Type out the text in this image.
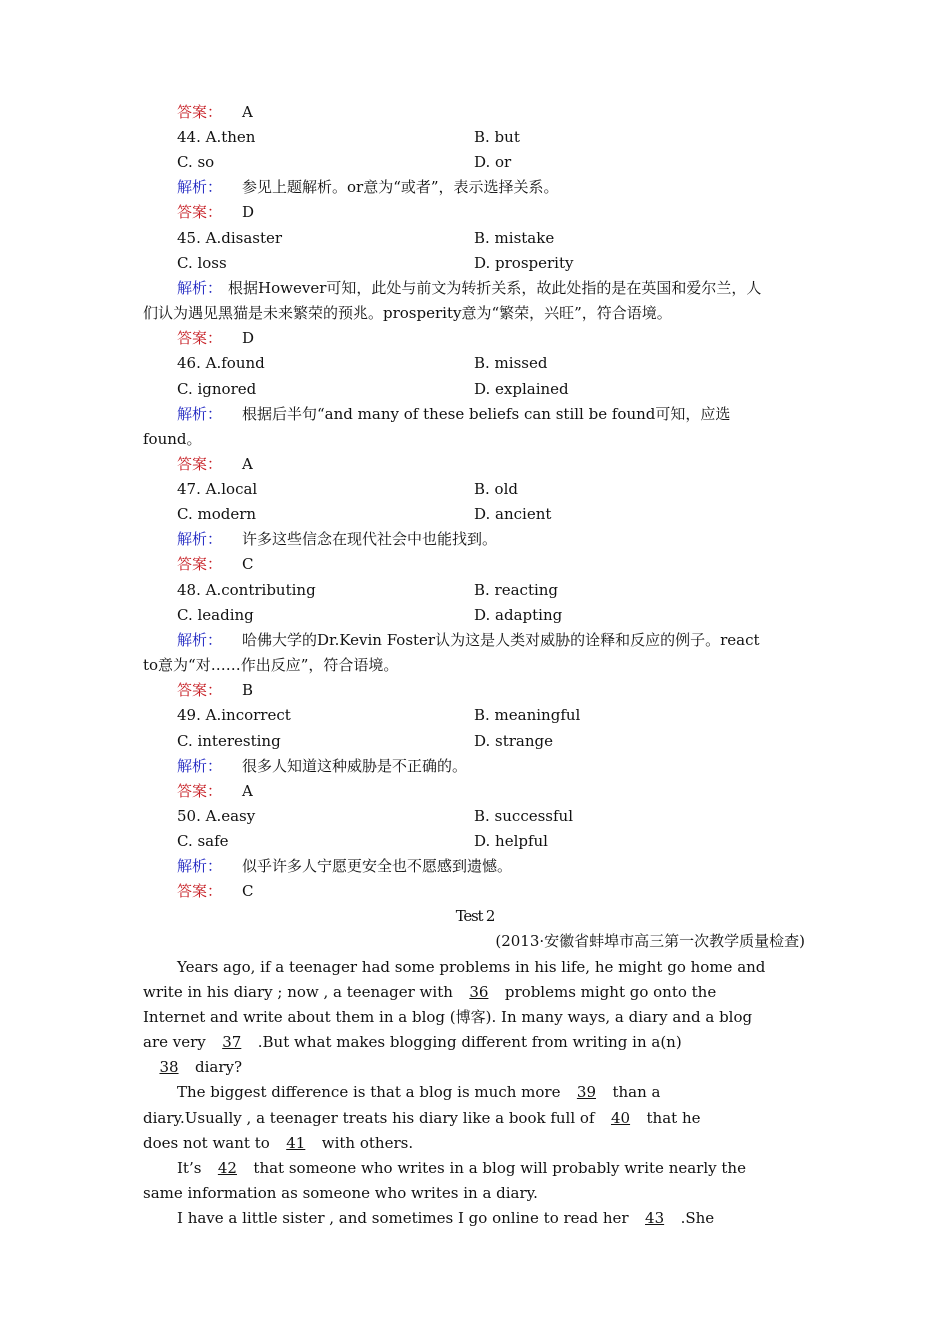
答案： A
44. A.then	B. but
C. so	D. or
解析： 参见上题解析。or意为“或者”，表示选择关系。
答案： D
45. A.disaster	B. mistake
C. loss	D. prosperity
解析： 根据However可知，此处与前文为转折关系，故此处指的是在英国和爱尔兰，人
们认为遇见黑猫是未来繁荣的预兆。prosperity意为“繁荣，兴旺”，符合语境。
答案： D
46. A.found	B. missed
C. ignored	D. explained
解析： 根据后半句“and many of these beliefs can still be found可知，应选
found。
答案： A
47. A.local	B. old
C. modern	D. ancient
解析： 许多这些信念在现代社会中也能找到。
答案： C
48. A.contributing	B. reacting
C. leading	D. adapting
解析： 哈佛大学的Dr.Kevin Foster认为这是人类对威胁的诠释和反应的例子。react
to意为“对……作出反应”，符合语境。
答案： B
49. A.incorrect	B. meaningful
C. interesting	D. strange
解析： 很多人知道这种威胁是不正确的。
答案： A
50. A.easy	B. successful
C. safe	D. helpful
解析： 似乎许多人宁愿更安全也不愿感到遗憾。
答案： C
Test 2
(2013·安徽省蚌埠市高三第一次教学质量检查)
Years ago, if a teenager had some problems in his life, he might go home and
write in his diary ; now , a teenager with 36 problems might go onto the
Internet and write about them in a blog (博客). In many ways, a diary and a blog
are very 37 .But what makes blogging different from writing in a(n)
38 diary?
The biggest difference is that a blog is much more 39 than a
diary.Usually , a teenager treats his diary like a book full of 40 that he
does not want to 41 with others.
It’s 42 that someone who writes in a blog will probably write nearly the
same information as someone who writes in a diary.
I have a little sister , and sometimes I go online to read her 43 .She
